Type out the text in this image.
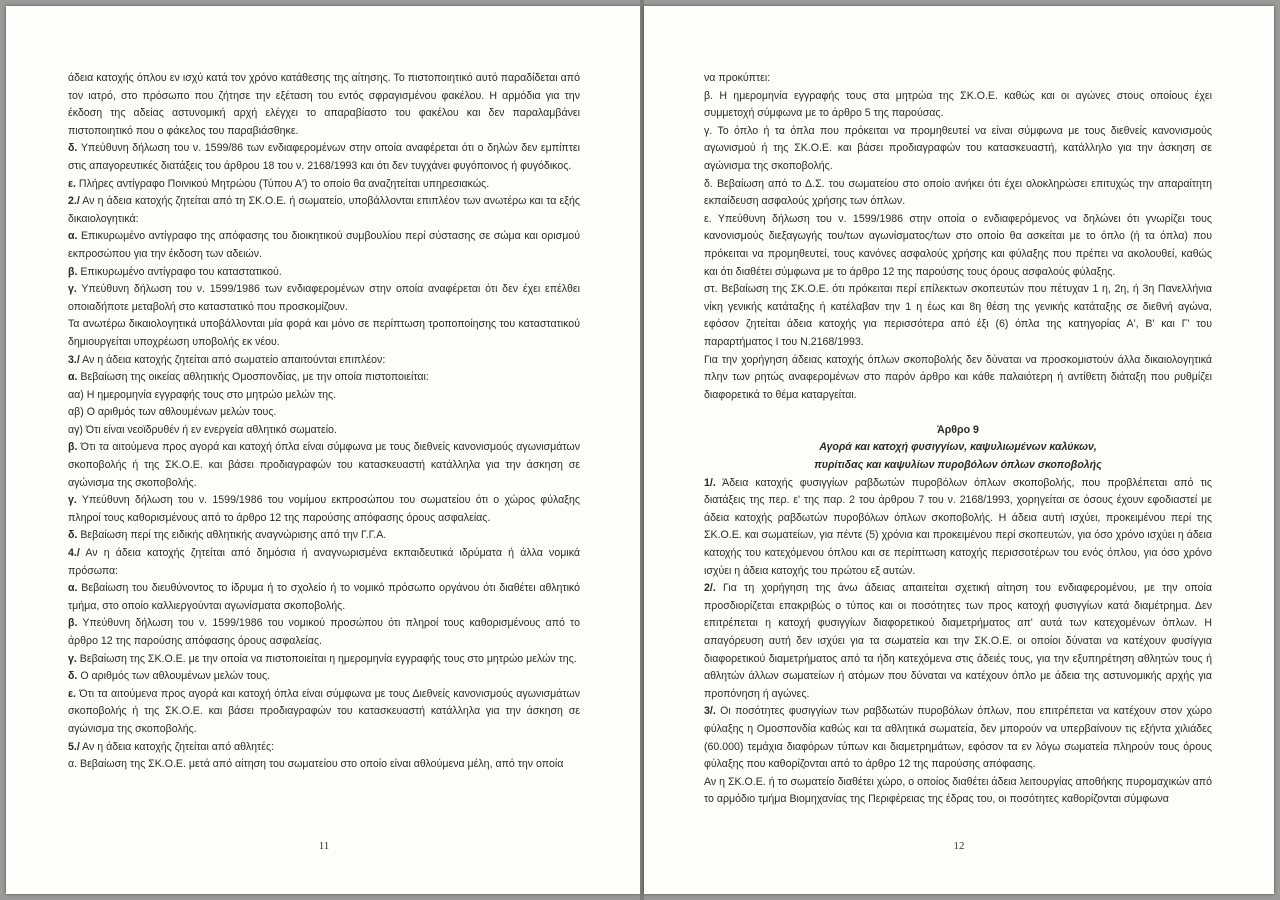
άδεια κατοχής όπλου εν ισχύ κατά τον χρόνο κατάθεσης της αίτησης. Το πιστοποιητικό αυτό παραδίδεται από τον ιατρό, στο πρόσωπο που ζήτησε την εξέταση του εντός σφραγισμένου φακέλου. Η αρμόδια για την έκδοση της αδείας αστυνομική αρχή ελέγχει το απαραβίαστο του φακέλου και δεν παραλαμβάνει πιστοποιητικό που ο φάκελος του παραβιάσθηκε.

δ. Υπεύθυνη δήλωση του ν. 1599/86 των ενδιαφερομένων στην οποία αναφέρεται ότι ο δηλών δεν εμπίπτει στις απαγορευτικές διατάξεις του άρθρου 18 του ν. 2168/1993 και ότι δεν τυγχάνει φυγόποινος ή φυγόδικος.

ε. Πλήρες αντίγραφο Ποινικού Μητρώου (Τύπου Α') το οποίο θα αναζητείται υπηρεσιακώς.

2./ Αν η άδεια κατοχής ζητείται από τη ΣΚ.Ο.Ε. ή σωματείο, υποβάλλονται επιπλέον των ανωτέρω και τα εξής δικαιολογητικά:

α. Επικυρωμένο αντίγραφο της απόφασης του διοικητικού συμβουλίου περί σύστασης σε σώμα και ορισμού εκπροσώπου για την έκδοση των αδειών.

β. Επικυρωμένο αντίγραφο του καταστατικού.

γ. Υπεύθυνη δήλωση του ν. 1599/1986 των ενδιαφερομένων στην οποία αναφέρεται ότι δεν έχει επέλθει οποιαδήποτε μεταβολή στο καταστατικό που προσκομίζουν.

Τα ανωτέρω δικαιολογητικά υποβάλλονται μία φορά και μόνο σε περίπτωση τροποποίησης του καταστατικού δημιουργείται υποχρέωση υποβολής εκ νέου.

3./ Αν η άδεια κατοχής ζητείται από σωματείο απαιτούνται επιπλέον:

α. Βεβαίωση της οικείας αθλητικής Ομοσπονδίας, με την οποία πιστοποιείται:

αα) Η ημερομηνία εγγραφής τους στο μητρώο μελών της.

αβ) Ο αριθμός των αθλουμένων μελών τους.

αγ) Ότι είναι νεοϊδρυθέν ή εν ενεργεία αθλητικό σωματείο.

β. Ότι τα αιτούμενα προς αγορά και κατοχή όπλα είναι σύμφωνα με τους διεθνείς κανονισμούς αγωνισμάτων σκοποβολής ή της ΣΚ.Ο.Ε. και βάσει προδιαγραφών του κατασκευαστή κατάλληλα για την άσκηση σε αγώνισμα της σκοποβολής.

γ. Υπεύθυνη δήλωση του ν. 1599/1986 του νομίμου εκπροσώπου του σωματείου ότι ο χώρος φύλαξης πληροί τους καθορισμένους από το άρθρο 12 της παρούσης απόφασης όρους ασφαλείας.

δ. Βεβαίωση περί της ειδικής αθλητικής αναγνώρισης από την Γ.Γ.Α.

4./ Αν η άδεια κατοχής ζητείται από δημόσια ή αναγνωρισμένα εκπαιδευτικά ιδρύματα ή άλλα νομικά πρόσωπα:

α. Βεβαίωση του διευθύνοντος το ίδρυμα ή το σχολείο ή το νομικό πρόσωπο οργάνου ότι διαθέτει αθλητικό τμήμα, στο οποίο καλλιεργούνται αγωνίσματα σκοποβολής.

β. Υπεύθυνη δήλωση του ν. 1599/1986 του νομικού προσώπου ότι πληροί τους καθορισμένους από το άρθρο 12 της παρούσης απόφασης όρους ασφαλείας.

γ. Βεβαίωση της ΣΚ.Ο.Ε. με την οποία να πιστοποιείται η ημερομηνία εγγραφής τους στο μητρώο μελών της.

δ. Ο αριθμός των αθλουμένων μελών τους.

ε. Ότι τα αιτούμενα προς αγορά και κατοχή όπλα είναι σύμφωνα με τους Διεθνείς κανονισμούς αγωνισμάτων σκοποβολής ή της ΣΚ.Ο.Ε. και βάσει προδιαγραφών του κατασκευαστή κατάλληλα για την άσκηση σε αγώνισμα της σκοποβολής.

5./ Αν η άδεια κατοχής ζητείται από αθλητές:

α. Βεβαίωση της ΣΚ.Ο.Ε. μετά από αίτηση του σωματείου στο οποίο είναι αθλούμενα μέλη, από την οποία

11

να προκύπτει:

β. Η ημερομηνία εγγραφής τους στα μητρώα της ΣΚ.Ο.Ε. καθώς και οι αγώνες στους οποίους έχει συμμετοχή σύμφωνα με το άρθρο 5 της παρούσας.

γ. Το όπλο ή τα όπλα που πρόκειται να προμηθευτεί να είναι σύμφωνα με τους διεθνείς κανονισμούς αγωνισμού ή της ΣΚ.Ο.Ε. και βάσει προδιαγραφών του κατασκευαστή, κατάλληλο για την άσκηση σε αγώνισμα της σκοποβολής.

δ. Βεβαίωση από το Δ.Σ. του σωματείου στο οποίο ανήκει ότι έχει ολοκληρώσει επιτυχώς την απαραίτητη εκπαίδευση ασφαλούς χρήσης των όπλων.

ε. Υπεύθυνη δήλωση του ν. 1599/1986 στην οποία ο ενδιαφερόμενος να δηλώνει ότι γνωρίζει τους κανονισμούς διεξαγωγής του/των αγωνίσματος/των στο οποίο θα ασκείται με το όπλο (ή τα όπλα) που πρόκειται να προμηθευτεί, τους κανόνες ασφαλούς χρήσης και φύλαξης που πρέπει να ακολουθεί, καθώς και ότι διαθέτει σύμφωνα με το άρθρο 12 της παρούσης τους όρους ασφαλούς φύλαξης.

στ. Βεβαίωση της ΣΚ.Ο.Ε. ότι πρόκειται περί επίλεκτων σκοπευτών που πέτυχαν 1 η, 2η, ή 3η Πανελλήνια νίκη γενικής κατάταξης ή κατέλαβαν την 1 η έως και 8η θέση της γενικής κατάταξης σε διεθνή αγώνα, εφόσον ζητείται άδεια κατοχής για περισσότερα από έξι (6) όπλα της κατηγορίας Α', Β' και Γ' του παραρτήματος Ι του Ν.2168/1993.

Για την χορήγηση άδειας κατοχής όπλων σκοποβολής δεν δύναται να προσκομιστούν άλλα δικαιολογητικά πλην των ρητώς αναφερομένων στο παρόν άρθρο και κάθε παλαιότερη ή αντίθετη διάταξη που ρυθμίζει διαφορετικά το θέμα καταργείται.

Άρθρο 9

Αγορά και κατοχή φυσιγγίων, καψυλιωμένων καλύκων,

πυρίτιδας και καψυλίων πυροβόλων όπλων σκοποβολής

1/. Άδεια κατοχής φυσιγγίων ραβδωτών πυροβόλων όπλων σκοποβολής, που προβλέπεται από τις διατάξεις της περ. ε' της παρ. 2 του άρθρου 7 του ν. 2168/1993, χορηγείται σε όσους έχουν εφοδιαστεί με άδεια κατοχής ραβδωτών πυροβόλων όπλων σκοποβολής. Η άδεια αυτή ισχύει, προκειμένου περί της ΣΚ.Ο.Ε. και σωματείων, για πέντε (5) χρόνια και προκειμένου περί σκοπευτών, για όσο χρόνο ισχύει η άδεια κατοχής του κατεχόμενου όπλου και σε περίπτωση κατοχής περισσοτέρων του ενός όπλου, για όσο χρόνο ισχύει η άδεια κατοχής του πρώτου εξ αυτών.

2/. Για τη χορήγηση της άνω άδειας απαιτείται σχετική αίτηση του ενδιαφερομένου, με την οποία προσδιορίζεται επακριβώς ο τύπος και οι ποσότητες των προς κατοχή φυσιγγίων κατά διαμέτρημα. Δεν επιτρέπεται η κατοχή φυσιγγίων διαφορετικού διαμετρήματος απ' αυτά των κατεχομένων όπλων. Η απαγόρευση αυτή δεν ισχύει για τα σωματεία και την ΣΚ.Ο.Ε. οι οποίοι δύναται να κατέχουν φυσίγγια διαφορετικού διαμετρήματος από τα ήδη κατεχόμενα στις άδειές τους, για την εξυπηρέτηση αθλητών τους ή αθλητών άλλων σωματείων ή ατόμων που δύναται να κατέχουν όπλο με άδεια της αστυνομικής αρχής για προπόνηση ή αγώνες.

3/. Οι ποσότητες φυσιγγίων των ραβδωτών πυροβόλων όπλων, που επιτρέπεται να κατέχουν στον χώρο φύλαξης η Ομοσπονδία καθώς και τα αθλητικά σωματεία, δεν μπορούν να υπερβαίνουν τις εξήντα χιλιάδες (60.000) τεμάχια διαφόρων τύπων και διαμετρημάτων, εφόσον τα εν λόγω σωματεία πληρούν τους όρους φύλαξης που καθορίζονται από το άρθρο 12 της παρούσης απόφασης.

Αν η ΣΚ.Ο.Ε. ή το σωματείο διαθέτει χώρο, ο οποίος διαθέτει άδεια λειτουργίας αποθήκης πυρομαχικών από το αρμόδιο τμήμα Βιομηχανίας της Περιφέρειας της έδρας του, οι ποσότητες καθορίζονται σύμφωνα

12
